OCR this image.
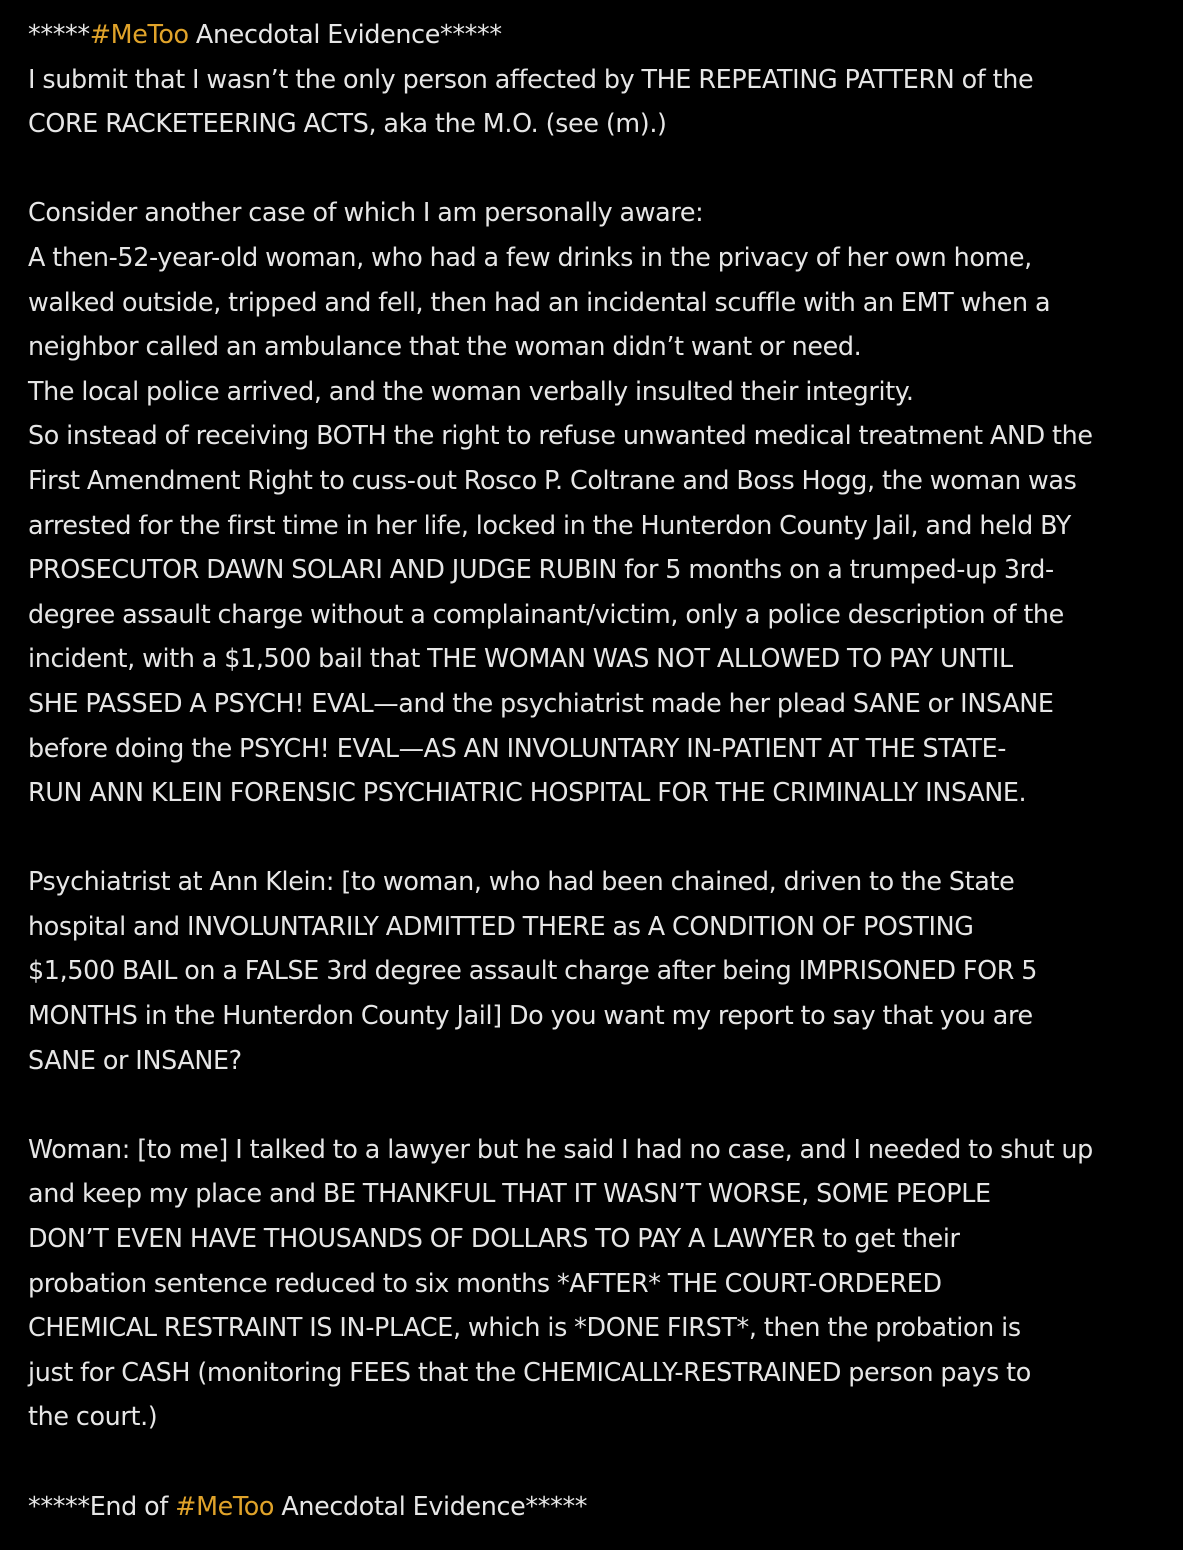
*****#MeToo Anecdotal Evidence*****
I submit that I wasn’t the only person affected by THE REPEATING PATTERN of the
CORE RACKETEERING ACTS, aka the M.O. (see (m).)
Consider another case of which I am personally aware:
A then-52-year-old woman, who had a few drinks in the privacy of her own home,
walked outside, tripped and fell, then had an incidental scuffle with an EMT when a
neighbor called an ambulance that the woman didn’t want or need.
The local police arrived, and the woman verbally insulted their integrity.
So instead of receiving BOTH the right to refuse unwanted medical treatment AND the
First Amendment Right to cuss-out Rosco P. Coltrane and Boss Hogg, the woman was
arrested for the first time in her life, locked in the Hunterdon County Jail, and held BY
PROSECUTOR DAWN SOLARI AND JUDGE RUBIN for 5 months on a trumped-up 3rd-
degree assault charge without a complainant/victim, only a police description of the
incident, with a $1,500 bail that THE WOMAN WAS NOT ALLOWED TO PAY UNTIL
SHE PASSED A PSYCH! EVAL—and the psychiatrist made her plead SANE or INSANE
before doing the PSYCH! EVAL—AS AN INVOLUNTARY IN-PATIENT AT THE STATE-
RUN ANN KLEIN FORENSIC PSYCHIATRIC HOSPITAL FOR THE CRIMINALLY INSANE.
Psychiatrist at Ann Klein: [to woman, who had been chained, driven to the State
hospital and INVOLUNTARILY ADMITTED THERE as A CONDITION OF POSTING
$1,500 BAIL on a FALSE 3rd degree assault charge after being IMPRISONED FOR 5
MONTHS in the Hunterdon County Jail] Do you want my report to say that you are
SANE or INSANE?
Woman: [to me] I talked to a lawyer but he said I had no case, and I needed to shut up
and keep my place and BE THANKFUL THAT IT WASN’T WORSE, SOME PEOPLE
DON’T EVEN HAVE THOUSANDS OF DOLLARS TO PAY A LAWYER to get their
probation sentence reduced to six months *AFTER* THE COURT-ORDERED
CHEMICAL RESTRAINT IS IN-PLACE, which is *DONE FIRST*, then the probation is
just for CASH (monitoring FEES that the CHEMICALLY-RESTRAINED person pays to
the court.)
*****End of #MeToo Anecdotal Evidence*****
